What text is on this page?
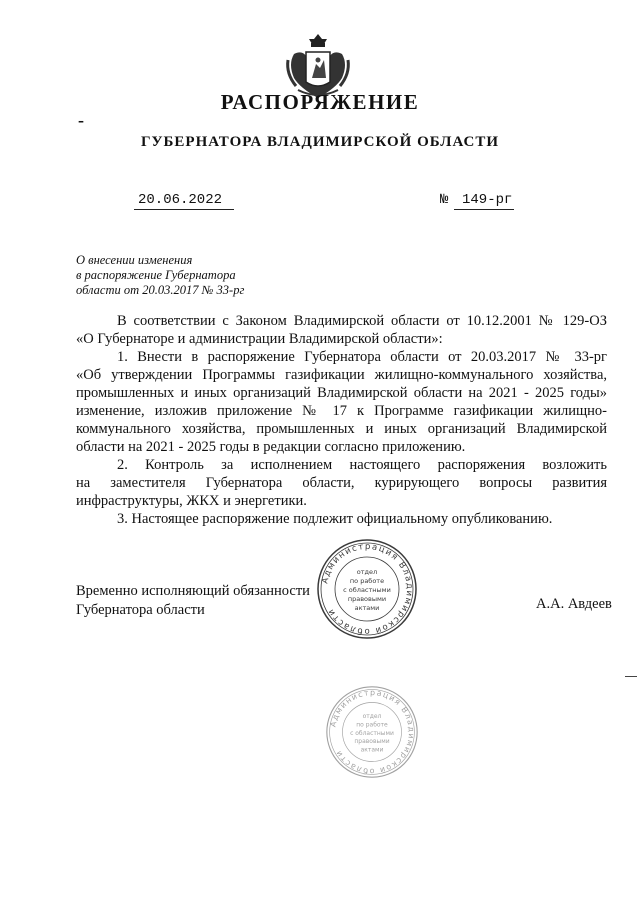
РАСПОРЯЖЕНИЕ
-
ГУБЕРНАТОРА ВЛАДИМИРСКОЙ ОБЛАСТИ
20.06.2022	№ 149-рг
О внесении изменения
в распоряжение Губернатора
области от 20.03.2017 № 33-рг
В соответствии с Законом Владимирской области от 10.12.2001 № 129-ОЗ
«О Губернаторе и администрации Владимирской области»:
1. Внести в распоряжение Губернатора области от 20.03.2017 № 33-рг
«Об утверждении Программы газификации жилищно-коммунального хозяйства,
промышленных и иных организаций Владимирской области на 2021 - 2025 годы»
изменение, изложив приложение № 17 к Программе газификации жилищно-
коммунального хозяйства, промышленных и иных организаций Владимирской
области на 2021 - 2025 годы в редакции согласно приложению.
2. Контроль за исполнением настоящего распоряжения возложить
на заместителя Губернатора области, курирующего вопросы развития
инфраструктуры, ЖКХ и энергетики.
3. Настоящее распоряжение подлежит официальному опубликованию.
Временно исполняющий обязанности
Губернатора области	А.А. Авдеев
Администрация Владимирской области
отдел
по работе
с областными
правовыми
актами
Администрация Владимирской области
отдел
по работе
с областными
правовыми
актами
